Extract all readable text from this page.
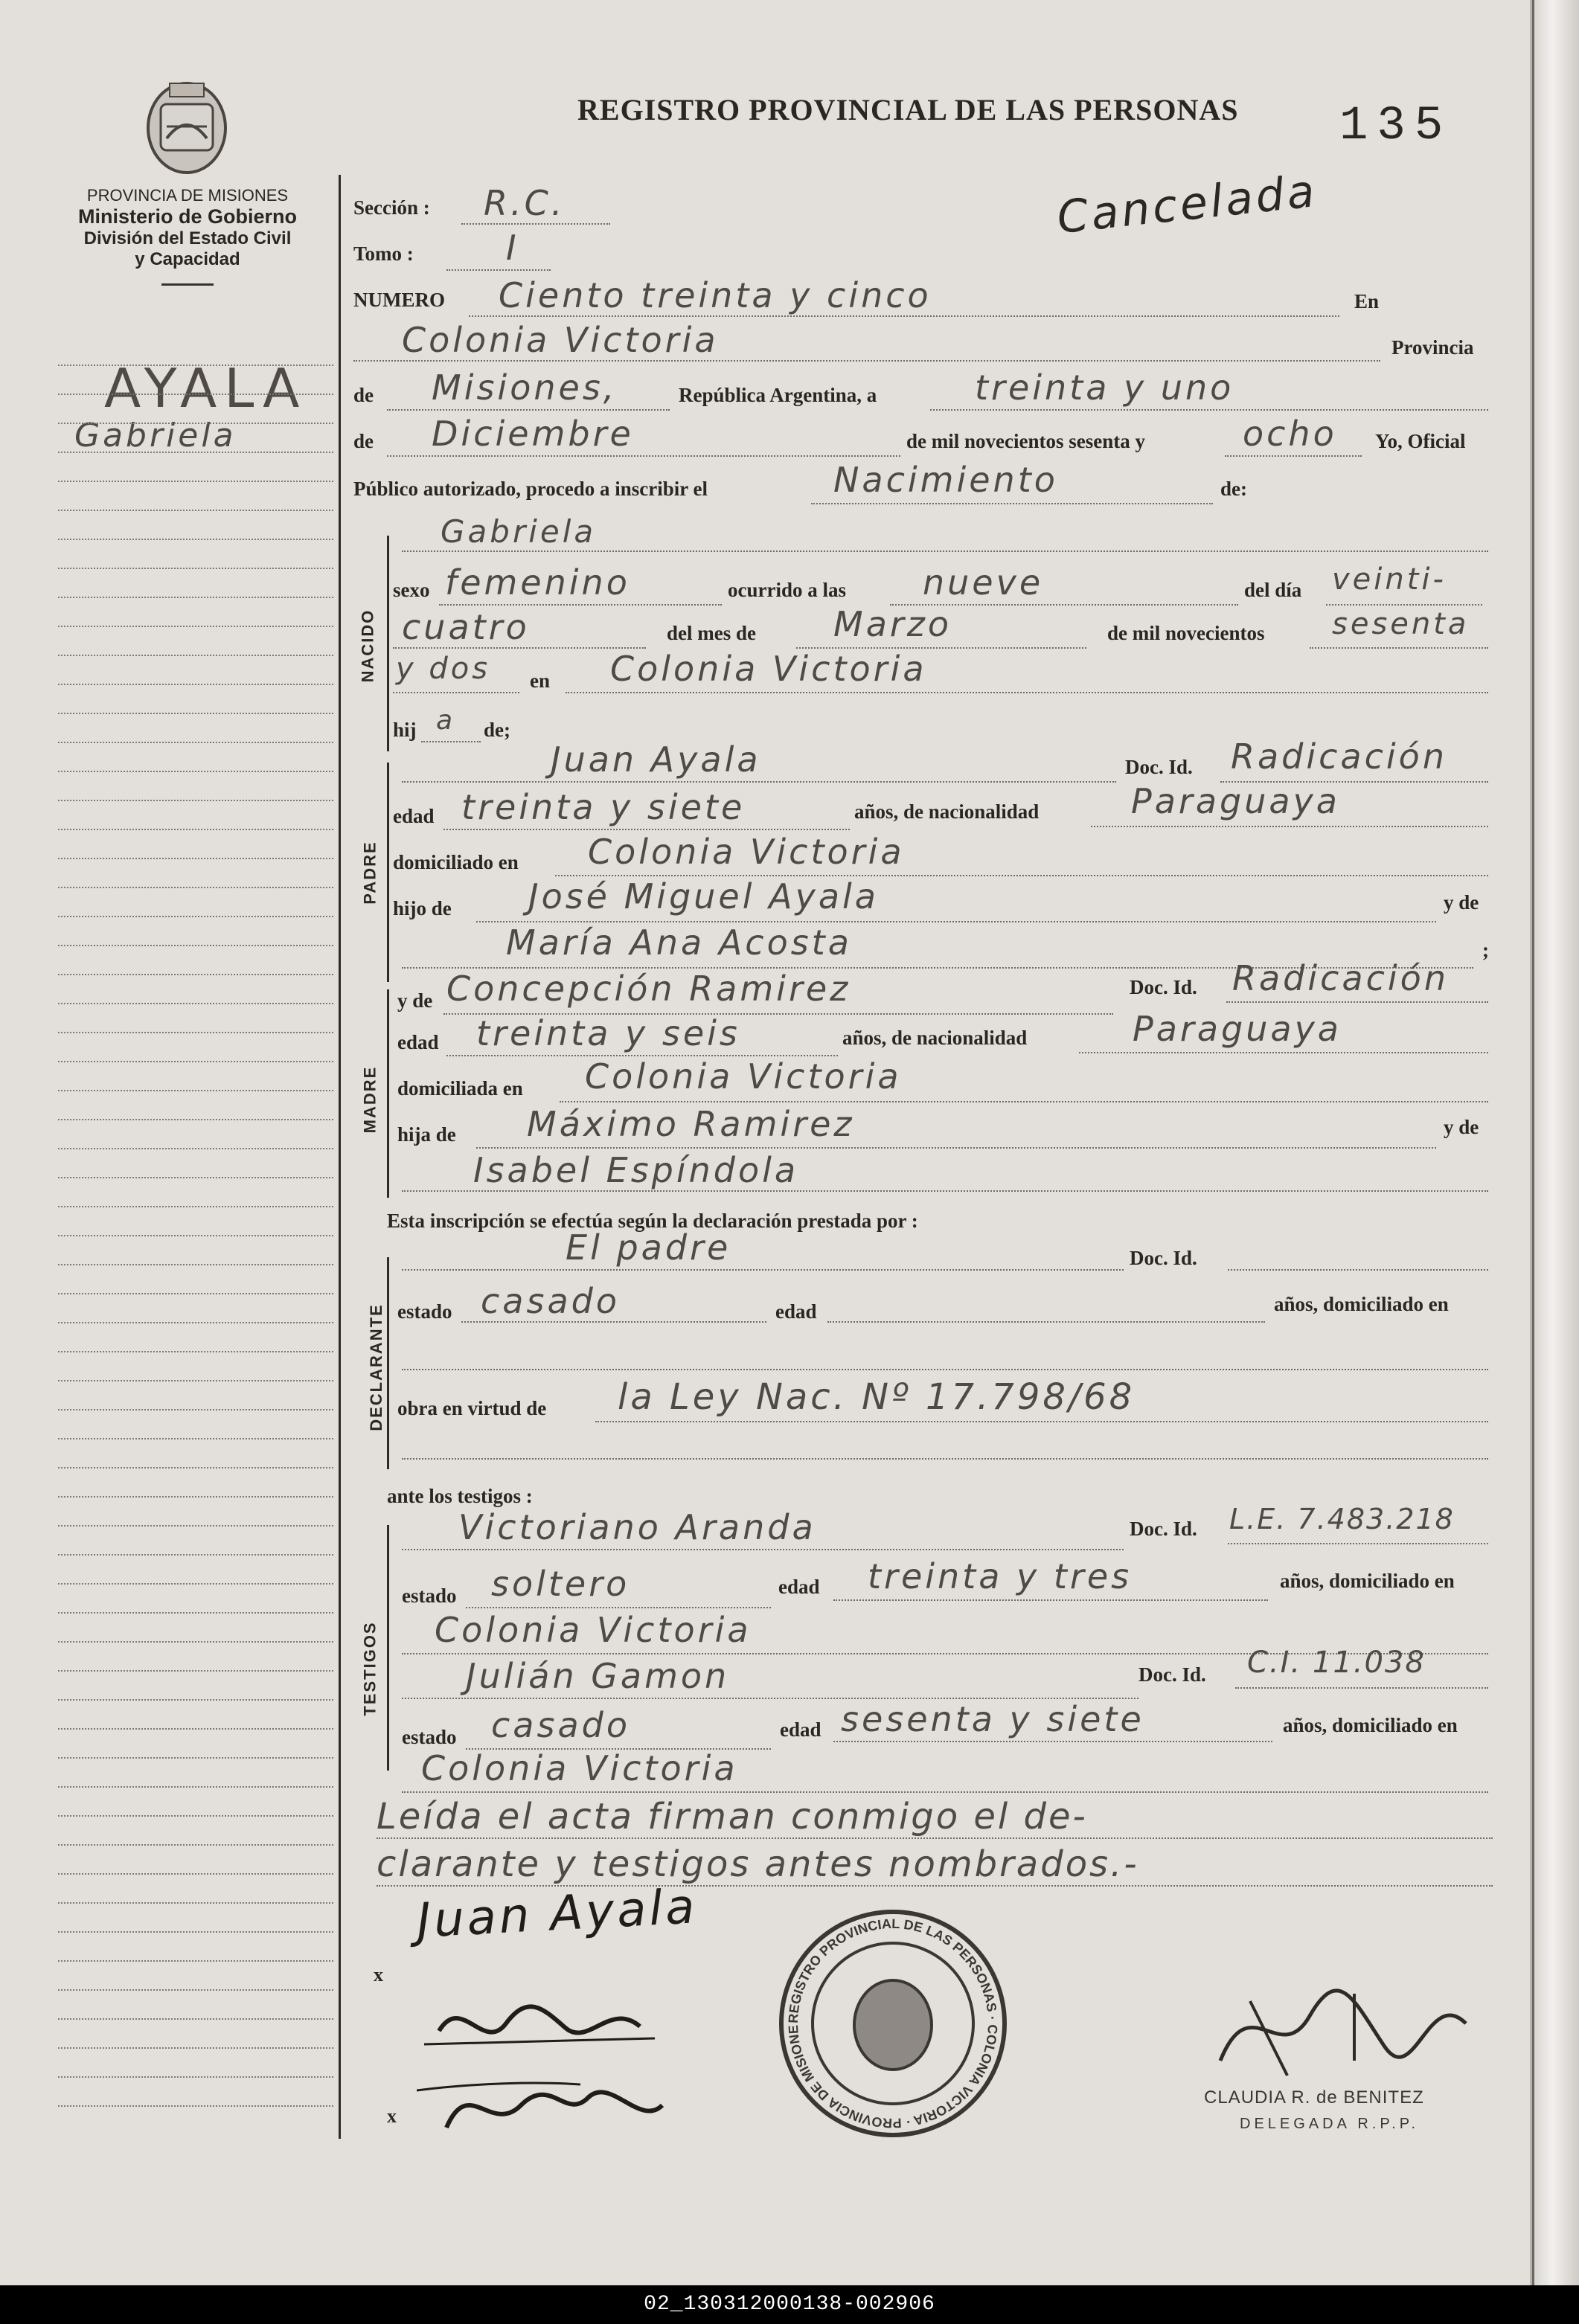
PROVINCIA DE MISIONES
Ministerio de Gobierno
División del Estado Civil
y Capacidad
REGISTRO PROVINCIAL DE LAS PERSONAS 135
Cancelada
AYALA
Gabriela
NACIDO
PADRE
MADRE
DECLARANTE
TESTIGOS
Sección : R.C.
Tomo :	I
NUMERO Ciento treinta y cinco	En
Colonia Victoria	Provincia
de Misiones,	República Argentina, a	treinta y uno
de Diciembre	de mil novecientos sesenta y	ocho Yo, Oficial
Público autorizado, procedo a inscribir el	Nacimiento	de:
Gabriela
sexo femenino	ocurrido a las nueve	del día veinti-
cuatro	del mes de Marzo	de mil novecientos sesenta
y dos en Colonia Victoria
hij a de;
Juan Ayala	Doc. Id. Radicación
edad treinta y siete	años, de nacionalidad	Paraguaya
domiciliado en Colonia Victoria
hijo de José Miguel Ayala	y de
María Ana Acosta	;
y de Concepción Ramirez	Doc. Id. Radicación
edad treinta y seis	años, de nacionalidad	Paraguaya
domiciliada en Colonia Victoria
hija de Máximo Ramirez	y de
Isabel Espíndola
Esta inscripción se efectúa según la declaración prestada por :
El padre	Doc. Id.
estado casado	edad	años, domiciliado en
obra en virtud de la Ley Nac. Nº 17.798/68
ante los testigos :
Victoriano Aranda	Doc. Id. L.E. 7.483.218
estado soltero	edad treinta y tres	años, domiciliado en
Colonia Victoria
Julián Gamon	Doc. Id. C.I. 11.038
estado casado	edad sesenta y siete	años, domiciliado en
Colonia Victoria
Leída el acta firman conmigo el de-
clarante y testigos antes nombrados.-
Juan Ayala
x
x
REGISTRO PROVINCIAL DE LAS PERSONAS · COLONIA VICTORIA · PROVINCIA DE MISIONE
CLAUDIA R. de BENITEZ
DELEGADA R.P.P.
02_130312000138-002906
